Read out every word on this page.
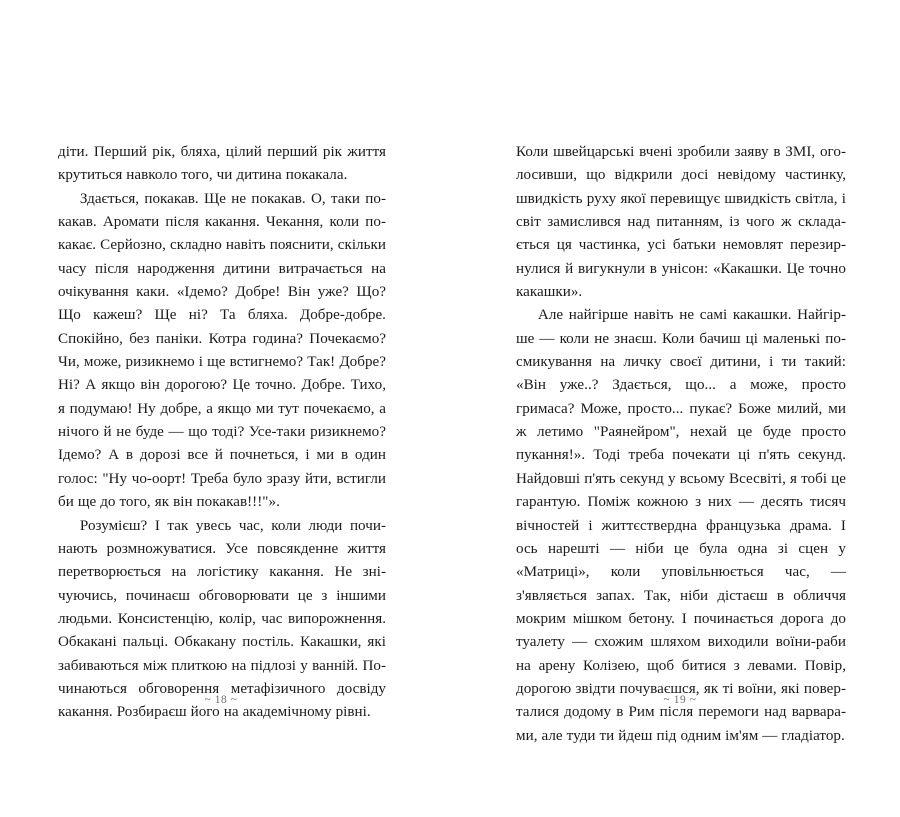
діти. Перший рік, бляха, цілий перший рік життя крутиться навколо того, чи дитина покакала.

Здається, покакав. Ще не покакав. О, таки покакав. Аромати після какання. Чекання, коли покакає. Серйозно, складно навіть пояснити, скільки часу після народження дитини витрачається на очікування каки. «Ідемо? Добре! Він уже? Що? Що кажеш? Ще ні? Та бляха. Добре-добре. Спокійно, без паніки. Котра година? Почекаємо? Чи, може, ризикнемо і ще встигнемо? Так! Добре? Ні? А якщо він дорогою? Це точно. Добре. Тихо, я подумаю! Ну добре, а якщо ми тут почекаємо, а нічого й не буде — що тоді? Усе-таки ризикнемо? Ідемо? А в дорозі все й почнеться, і ми в один голос: "Ну чо-оорт! Треба було зразу йти, встигли би ще до того, як він покакав!!!"».

Розумієш? І так увесь час, коли люди починають розмножуватися. Усе повсякденне життя перетворюється на логістику какання. Не знічуючись, починаєш обговорювати це з іншими людьми. Консистенцію, колір, час випорожнення. Обкакані пальці. Обкакану постіль. Какашки, які забиваються між плиткою на підлозі у ванній. Починаються обговорення метафізичного досвіду какання. Розбираєш його на академічному рівні.

~ 18 ~

Коли швейцарські вчені зробили заяву в ЗМІ, оголосивши, що відкрили досі невідому частинку, швидкість руху якої перевищує швидкість світла, і світ замислився над питанням, із чого ж складається ця частинка, усі батьки немовлят перезирнулися й вигукнули в унісон: «Какашки. Це точно какашки».

Але найгірше навіть не самі какашки. Найгірше — коли не знаєш. Коли бачиш ці маленькі посмикування на личку своєї дитини, і ти такий: «Він уже..? Здається, що... а може, просто гримаса? Може, просто... пукає? Боже милий, ми ж летимо "Раянейром", нехай це буде просто пукання!». Тоді треба почекати ці п'ять секунд. Найдовші п'ять секунд у всьому Всесвіті, я тобі це гарантую. Поміж кожною з них — десять тисяч вічностей і життєствердна французька драма. І ось нарешті — ніби це була одна зі сцен у «Матриці», коли уповільнюється час, — з'являється запах. Так, ніби дістаєш в обличчя мокрим мішком бетону. І починається дорога до туалету — схожим шляхом виходили воїни-раби на арену Колізею, щоб битися з левами. Повір, дорогою звідти почуваєшся, як ті воїни, які поверталися додому в Рим після перемоги над варварами, але туди ти йдеш під одним ім'ям — гладіатор.

~ 19 ~
